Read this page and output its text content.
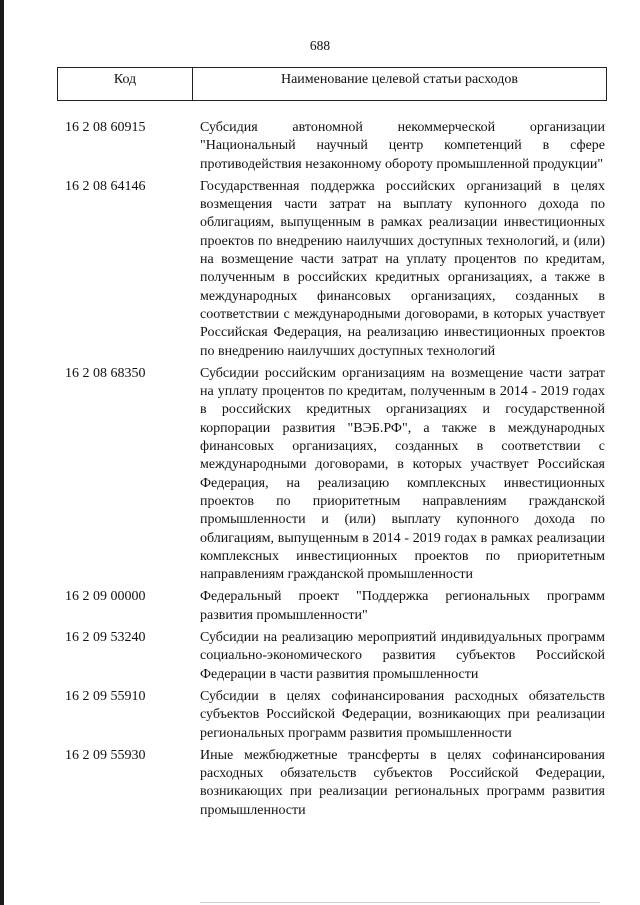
688
Код	Наименование целевой статьи расходов
16 2 08 60915	Субсидия автономной некоммерческой организации "Национальный научный центр компетенций в сфере противодействия незаконному обороту промышленной продукции"
16 2 08 64146	Государственная поддержка российских организаций в целях возмещения части затрат на выплату купонного дохода по облигациям, выпущенным в рамках реализации инвестиционных проектов по внедрению наилучших доступных технологий, и (или) на возмещение части затрат на уплату процентов по кредитам, полученным в российских кредитных организациях, а также в международных финансовых организациях, созданных в соответствии с международными договорами, в которых участвует Российская Федерация, на реализацию инвестиционных проектов по внедрению наилучших доступных технологий
16 2 08 68350	Субсидии российским организациям на возмещение части затрат на уплату процентов по кредитам, полученным в 2014 - 2019 годах в российских кредитных организациях и государственной корпорации развития "ВЭБ.РФ", а также в международных финансовых организациях, созданных в соответствии с международными договорами, в которых участвует Российская Федерация, на реализацию комплексных инвестиционных проектов по приоритетным направлениям гражданской промышленности и (или) выплату купонного дохода по облигациям, выпущенным в 2014 - 2019 годах в рамках реализации комплексных инвестиционных проектов по приоритетным направлениям гражданской промышленности
16 2 09 00000	Федеральный проект "Поддержка региональных программ развития промышленности"
16 2 09 53240	Субсидии на реализацию мероприятий индивидуальных программ социально-экономического развития субъектов Российской Федерации в части развития промышленности
16 2 09 55910	Субсидии в целях софинансирования расходных обязательств субъектов Российской Федерации, возникающих при реализации региональных программ развития промышленности
16 2 09 55930	Иные межбюджетные трансферты в целях софинансирования расходных обязательств субъектов Российской Федерации, возникающих при реализации региональных программ развития промышленности
